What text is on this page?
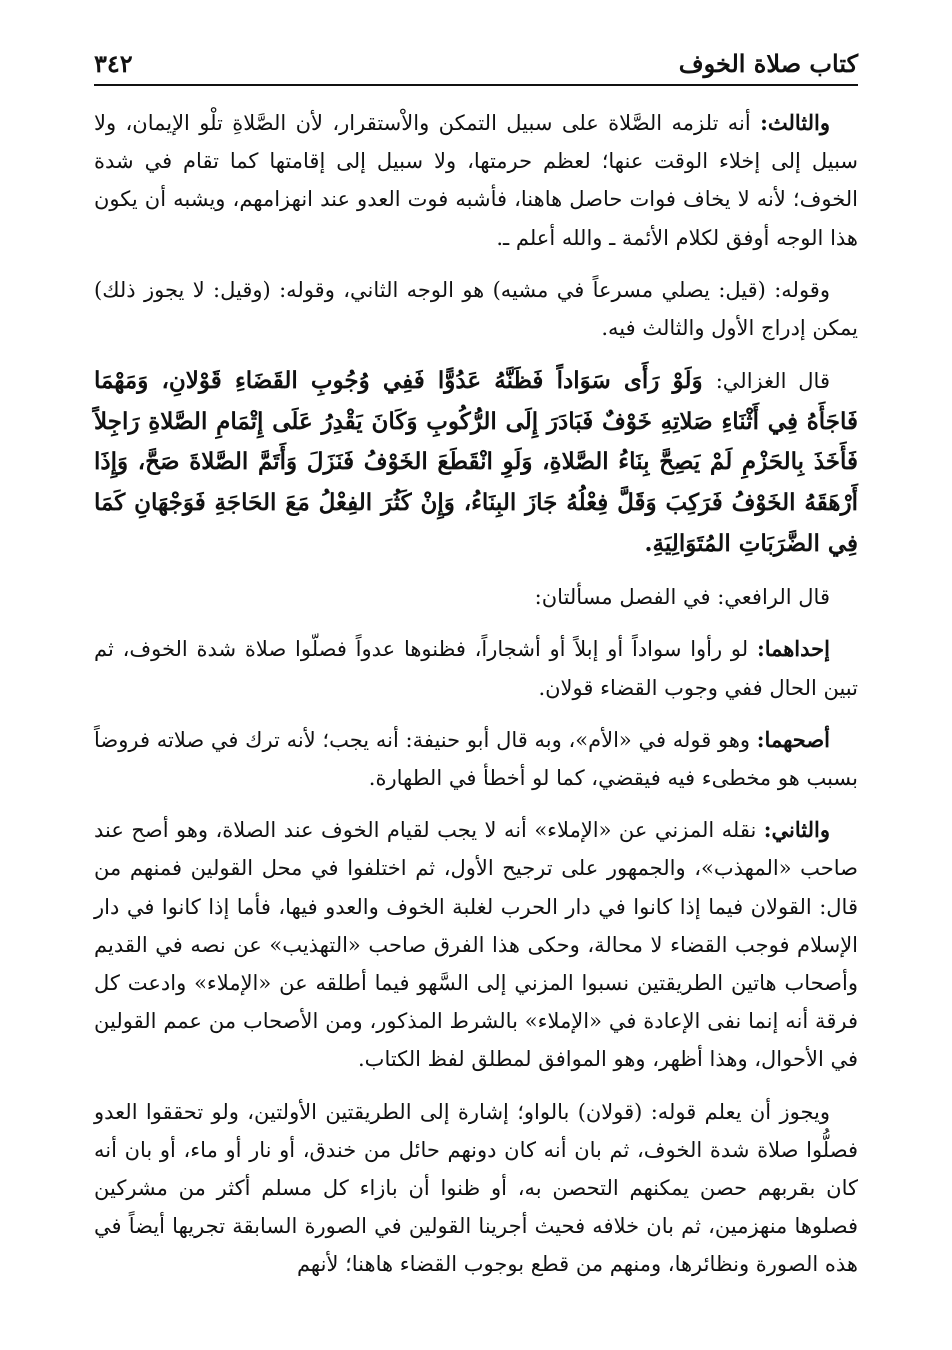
كتاب صلاة الخوف
٣٤٢

والثالث: أنه تلزمه الصَّلاة على سبيل التمكن والاْستقرار، لأن الصَّلاةِ تلْو الإيمان، ولا سبيل إلى إخلاء الوقت عنها؛ لعظم حرمتها، ولا سبيل إلى إقامتها كما تقام في شدة الخوف؛ لأنه لا يخاف فوات حاصل هاهنا، فأشبه فوت العدو عند انهزامهم، ويشبه أن يكون هذا الوجه أوفق لكلام الأئمة ـ والله أعلم ـ.

وقوله: (قيل: يصلي مسرعاً في مشيه) هو الوجه الثاني، وقوله: (وقيل: لا يجوز ذلك) يمكن إدراج الأول والثالث فيه.

قال الغزالي: وَلَوْ رَأَى سَوَاداً فَظَنَّهُ عَدُوًّا فَفِي وُجُوبِ القَضَاءِ قَوْلانِ، وَمَهْمَا فَاجَأَهُ فِي أَثْنَاءِ صَلاتِهِ خَوْفٌ فَبَادَرَ إِلَى الرُّكُوبِ وَكَانَ يَقْدِرُ عَلَى إِتْمَامِ الصَّلاةِ رَاجِلاً فَأَخَذَ بِالحَزْمِ لَمْ يَصِحَّ بِنَاءُ الصَّلاةِ، وَلَوِ انْقَطَعَ الخَوْفُ فَنَزَلَ وَأَتَمَّ الصَّلاةَ صَحَّ، وَإِذَا أَرْهَقَهُ الخَوْفُ فَرَكِبَ وَقَلَّ فِعْلُهُ جَازَ البِنَاءُ، وَإِنْ كَثُرَ الفِعْلُ مَعَ الحَاجَةِ فَوَجْهَانِ كَمَا فِي الضَّرَبَاتِ المُتَوَالِيَةِ.

قال الرافعي: في الفصل مسألتان:

إحداهما: لو رأوا سواداً أو إبلاً أو أشجاراً، فظنوها عدواً فصلّوا صلاة شدة الخوف، ثم تبين الحال ففي وجوب القضاء قولان.

أصحهما: وهو قوله في «الأم»، وبه قال أبو حنيفة: أنه يجب؛ لأنه ترك في صلاته فروضاً بسبب هو مخطىء فيه فيقضي، كما لو أخطأ في الطهارة.

والثاني: نقله المزني عن «الإملاء» أنه لا يجب لقيام الخوف عند الصلاة، وهو أصح عند صاحب «المهذب»، والجمهور على ترجيح الأول، ثم اختلفوا في محل القولين فمنهم من قال: القولان فيما إذا كانوا في دار الحرب لغلبة الخوف والعدو فيها، فأما إذا كانوا في دار الإسلام فوجب القضاء لا محالة، وحكى هذا الفرق صاحب «التهذيب» عن نصه في القديم وأصحاب هاتين الطريقتين نسبوا المزني إلى السَّهو فيما أطلقه عن «الإملاء» وادعت كل فرقة أنه إنما نفى الإعادة في «الإملاء» بالشرط المذكور، ومن الأصحاب من عمم القولين في الأحوال، وهذا أظهر، وهو الموافق لمطلق لفظ الكتاب.

ويجوز أن يعلم قوله: (قولان) بالواو؛ إشارة إلى الطريقتين الأولتين، ولو تحققوا العدو فصلُّوا صلاة شدة الخوف، ثم بان أنه كان دونهم حائل من خندق، أو نار أو ماء، أو بان أنه كان بقربهم حصن يمكنهم التحصن به، أو ظنوا أن بازاء كل مسلم أكثر من مشركين فصلوها منهزمين، ثم بان خلافه فحيث أجرينا القولين في الصورة السابقة تجريها أيضاً في هذه الصورة ونظائرها، ومنهم من قطع بوجوب القضاء هاهنا؛ لأنهم
